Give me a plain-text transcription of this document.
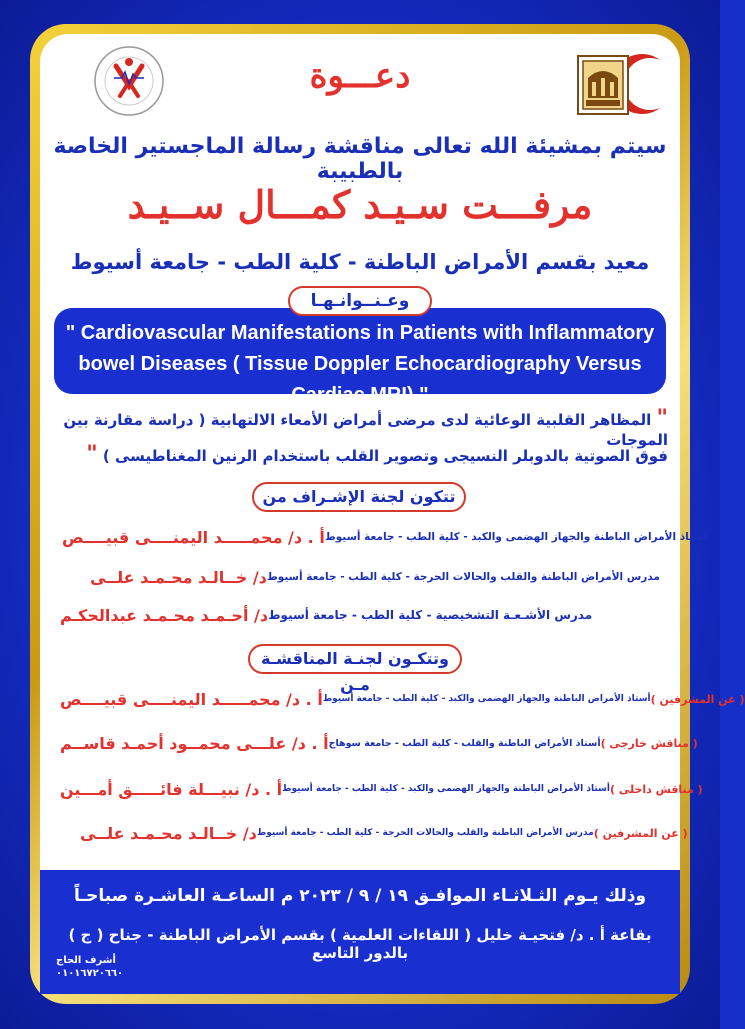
دعـــوة
سيتم بمشيئة الله تعالى مناقشة رسالة الماجستير الخاصة بالطبيبة
مرفـــت سـيـد كمـــال ســيـد
معيد بقسم الأمراض الباطنة - كلية الطب - جامعة أسيوط
" Cardiovascular Manifestations in Patients with Inflammatory bowel Diseases ( Tissue Doppler Echocardiography Versus Cardiac MRI) "
وعـنــوانـهـا
" المظاهر القلبية الوعائية لدى مرضى أمراض الأمعاء الالتهابية ( دراسة مقارنة بين الموجات
فوق الصوتية بالدوبلر النسيجى وتصوير القلب باستخدام الرنين المغناطيسى ) "
تتكون لجنة الإشـراف من
أ . د/ محمـــــد اليمنــــى قبيــــص أستاذ الأمراض الباطنة والجهاز الهضمى والكبد - كلية الطب - جامعة أسيوط
د/ خــالـد محـمـد علــى مدرس الأمراض الباطنة والقلب والحالات الحرجة - كلية الطب - جامعة أسيوط
د/ أحـمـد محـمـد عبدالحكـم مدرس الأشـعـة التشخيصية - كلية الطب - جامعة أسيوط
وتتكـون لجنـة المناقشـة مـن
أ . د/ محمـــــد اليمنــــى قبيــــص أستاذ الأمراض الباطنة والجهاز الهضمى والكبد - كلية الطب - جامعة أسيوط ( عن المشرفين )
أ . د/ علـــى محمــود أحمـد قاســم أستاذ الأمراض الباطنة والقلب - كلية الطب - جامعة سوهاج ( مناقش خارجى )
أ . د/ نبيـــلة فائـــــق أمـــين أستاذ الأمراض الباطنة والجهاز الهضمى والكبد - كلية الطب - جامعة أسيوط ( مناقش داخلى )
د/ خــالـد محـمـد علــى مدرس الأمراض الباطنة والقلب والحالات الحرجة - كلية الطب - جامعة أسيوط ( عن المشرفين )
وذلك يـوم الثـلاثـاء الموافـق ١٩ / ٩ / ٢٠٢٣ م الساعـة العاشـرة صباحـاً
بقاعة أ . د/ فتحيـة خليل ( اللقاءات العلمية ) بقسم الأمراض الباطنة - جناح ( ج ) بالدور التاسع
أشرف الحاج
٠١٠١٦٧٢٠٦٦٠
